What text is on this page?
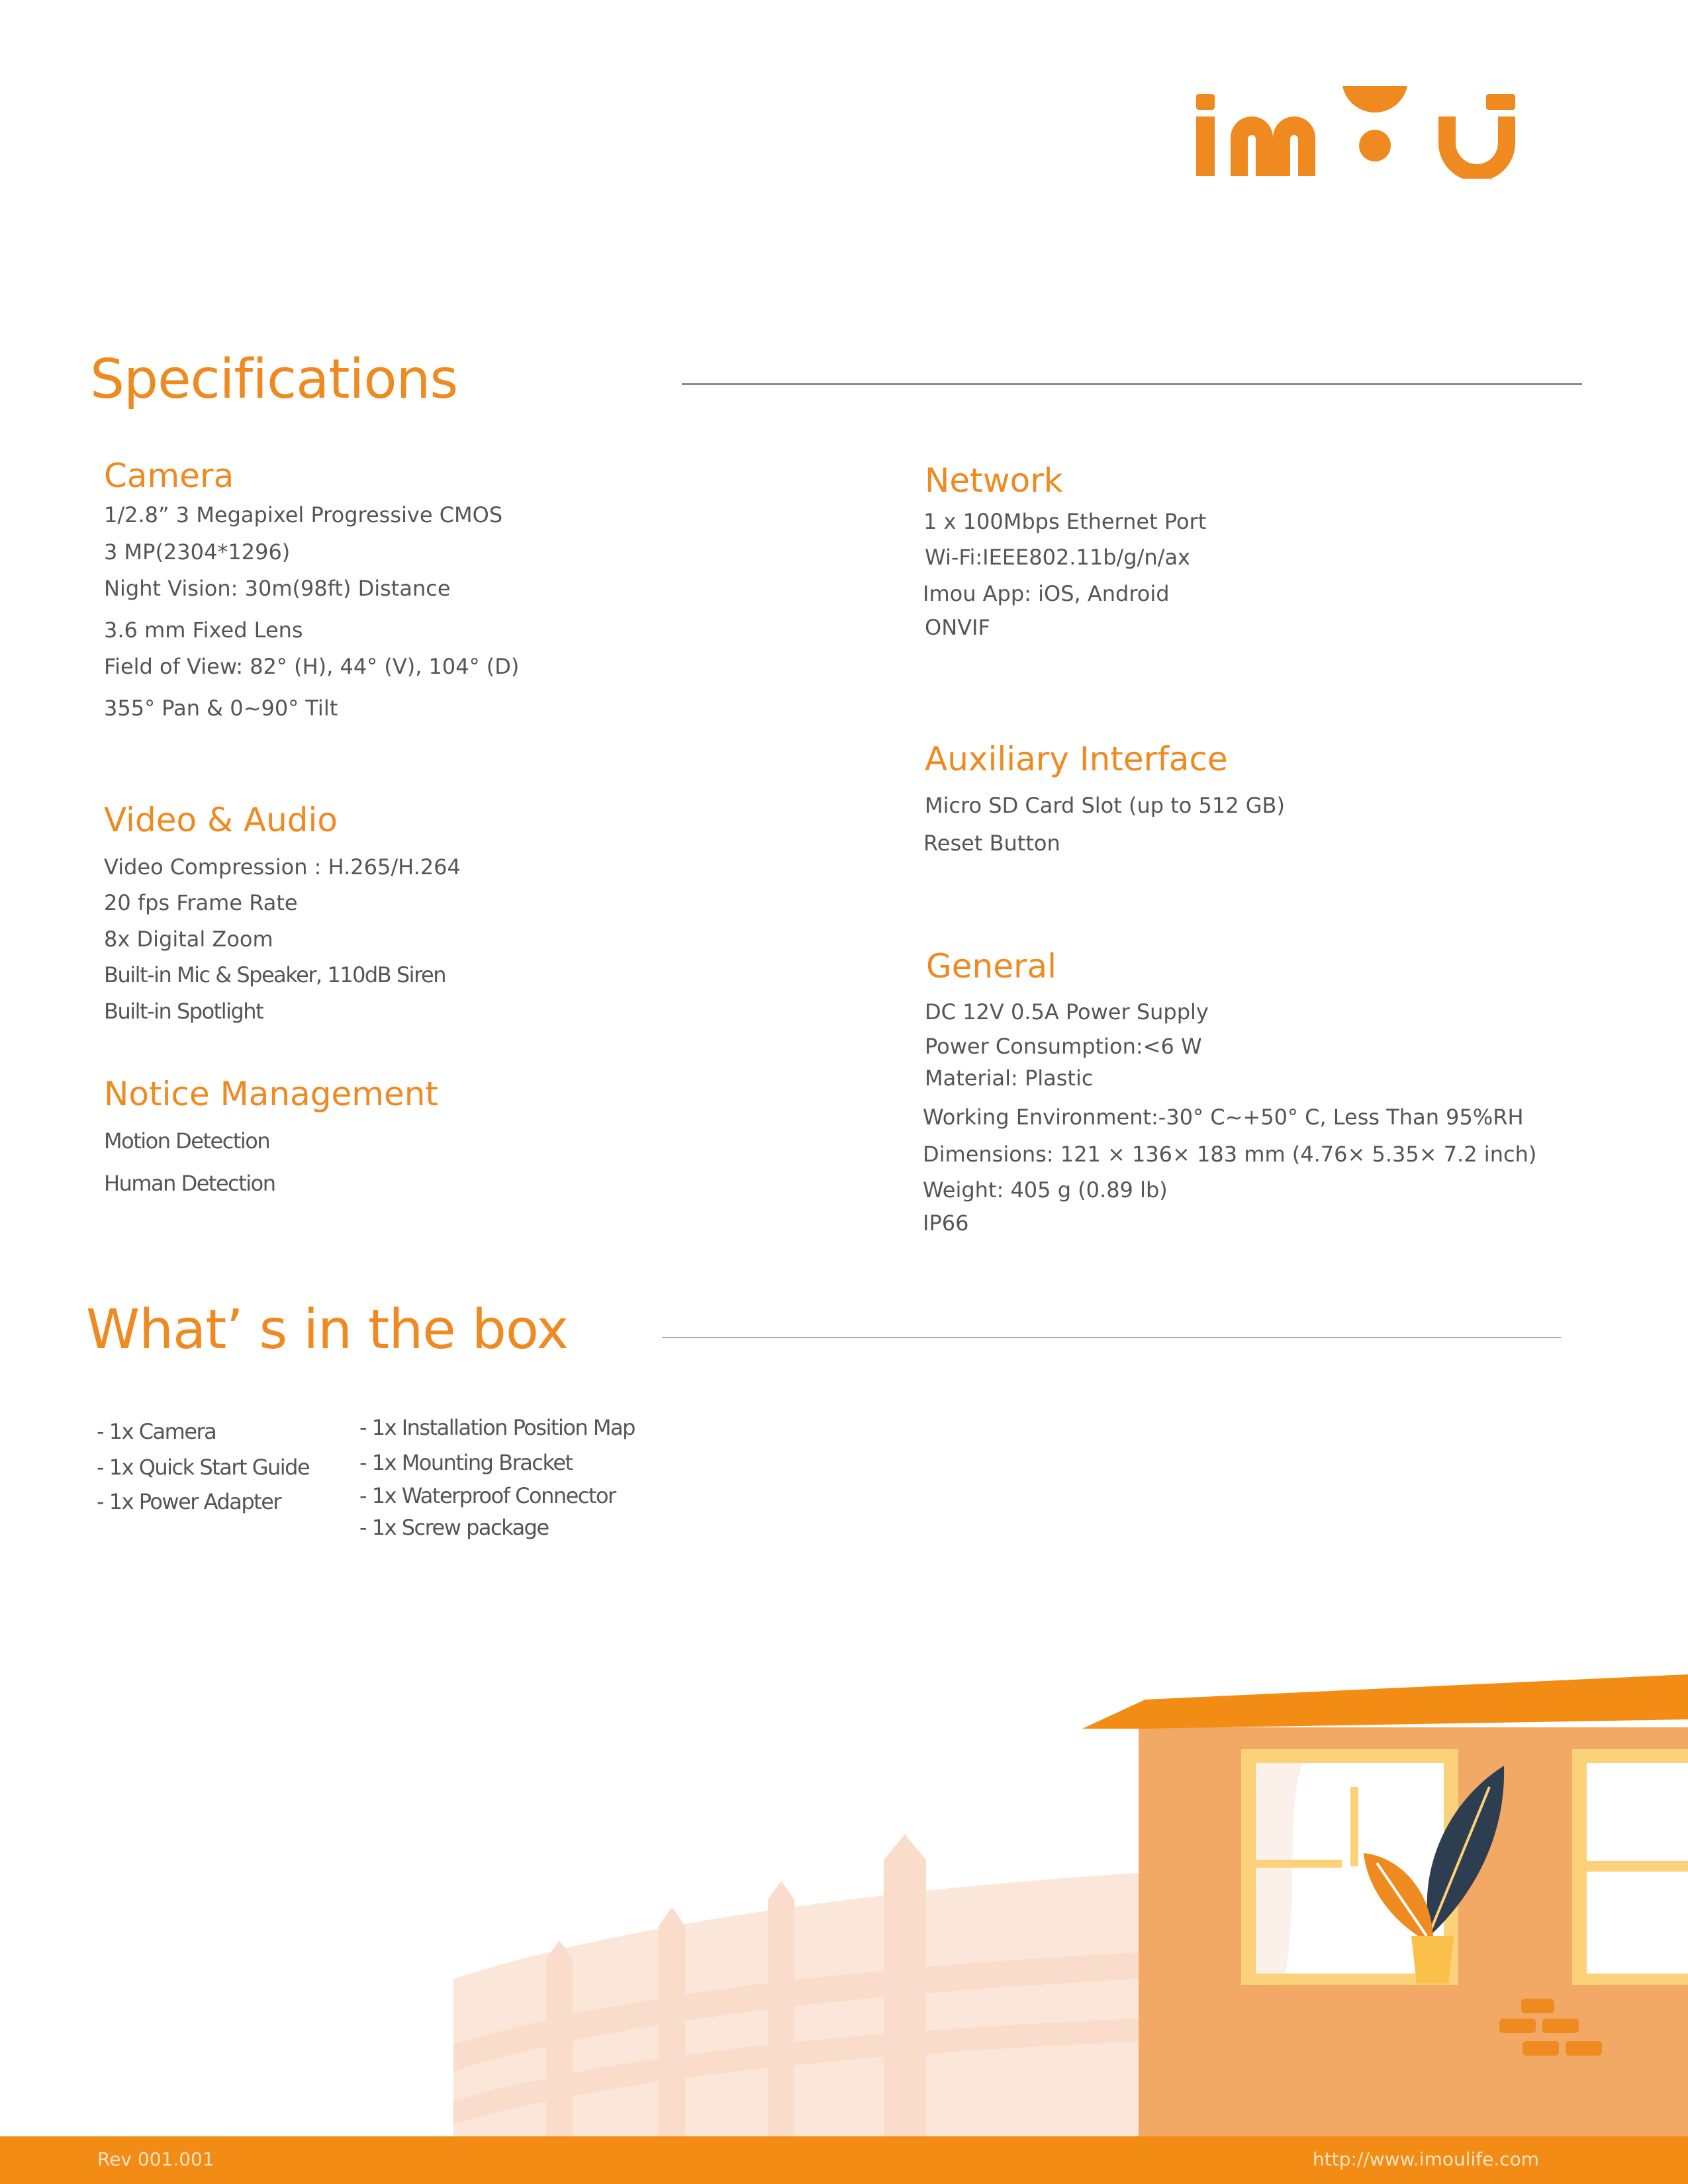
Specifications
Camera

1/2.8” 3 Megapixel Progressive CMOS

3 MP(2304*1296)

Night Vision: 30m(98ft) Distance

3.6 mm Fixed Lens

Field of View: 82° (H), 44° (V), 104° (D)

355° Pan & 0~90° Tilt

Video & Audio

Video Compression : H.265/H.264

20 fps Frame Rate

8x Digital Zoom

Built-in Mic & Speaker, 110dB Siren

Built-in Spotlight

Notice Management

Motion Detection

Human Detection

Network

1 x 100Mbps Ethernet Port

Wi-Fi:IEEE802.11b/g/n/ax

Imou App: iOS, Android

ONVIF

Auxiliary Interface

Micro SD Card Slot (up to 512 GB)

Reset Button

General

DC 12V 0.5A Power Supply

Power Consumption:<6 W

Material: Plastic

Working Environment:-30° C~+50° C, Less Than 95%RH

Dimensions: 121 × 136× 183 mm (4.76× 5.35× 7.2 inch)

Weight: 405 g (0.89 lb)

IP66

What’ s in the box
- 1x Camera
- 1x Quick Start Guide
- 1x Power Adapter
- 1x Installation Position Map
- 1x Mounting Bracket
- 1x Waterproof Connector
- 1x Screw package
Rev 001.001	http://www.imoulife.com
